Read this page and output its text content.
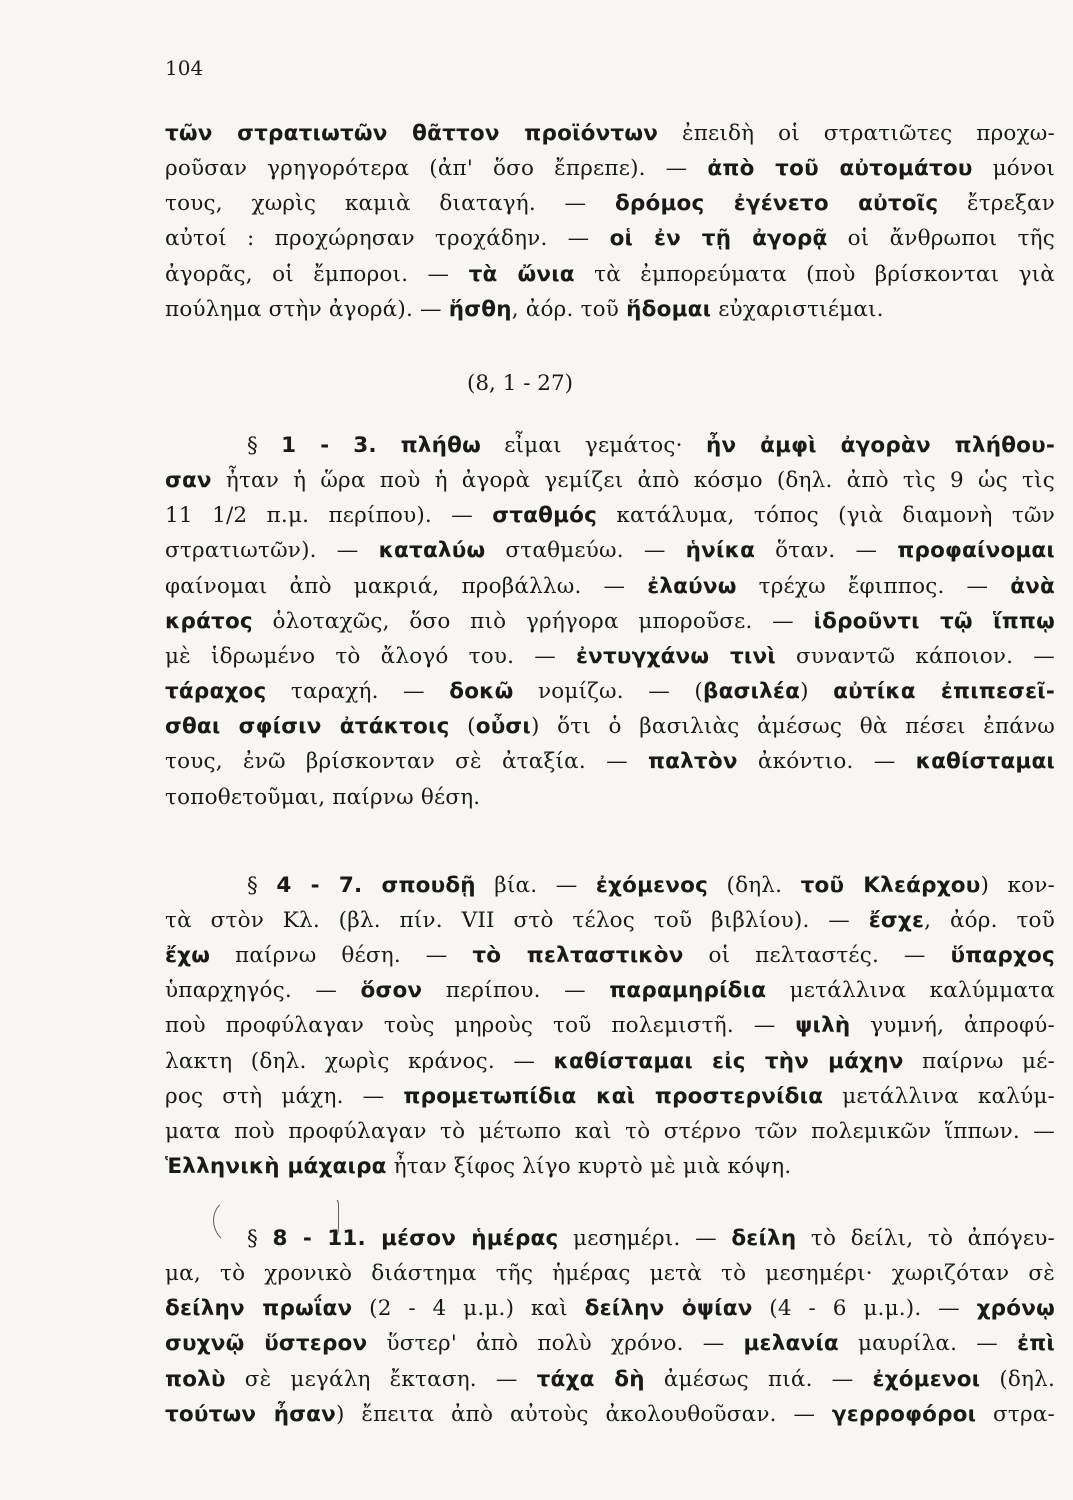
104
(8, 1 - 27)
τῶν στρατιωτῶν θᾶττον προϊόντων ἐπειδὴ οἱ στρατιῶτες προχω-
ροῦσαν γρηγορότερα (ἀπ' ὅσο ἔπρεπε). — ἀπὸ τοῦ αὐτομάτου μόνοι
τους, χωρὶς καμιὰ διαταγή. — δρόμος ἐγένετο αὐτοῖς ἔτρεξαν
αὐτοί : προχώρησαν τροχάδην. — οἱ ἐν τῇ ἀγορᾷ οἱ ἄνθρωποι τῆς
ἀγορᾶς, οἱ ἔμποροι. — τὰ ὤνια τὰ ἐμπορεύματα (ποὺ βρίσκονται γιὰ
πούλημα στὴν ἀγορά). — ἥσθη, ἀόρ. τοῦ ἥδομαι εὐχαριστιέμαι.
§ 1 - 3. πλήθω εἶμαι γεμάτος· ἦν ἀμφὶ ἀγορὰν πλήθου-
σαν ἦταν ἡ ὥρα ποὺ ἡ ἀγορὰ γεμίζει ἀπὸ κόσμο (δηλ. ἀπὸ τὶς 9 ὡς τὶς
11 1/2 π.μ. περίπου). — σταθμός κατάλυμα, τόπος (γιὰ διαμονὴ τῶν
στρατιωτῶν). — καταλύω σταθμεύω. — ἡνίκα ὅταν. — προφαίνομαι
φαίνομαι ἀπὸ μακριά, προβάλλω. — ἐλαύνω τρέχω ἔφιππος. — ἀνὰ
κράτος ὁλοταχῶς, ὅσο πιὸ γρήγορα μποροῦσε. — ἱδροῦντι τῷ ἵππῳ
μὲ ἱδρωμένο τὸ ἄλογό του. — ἐντυγχάνω τινὶ συναντῶ κάποιον. —
τάραχος ταραχή. — δοκῶ νομίζω. — (βασιλέα) αὐτίκα ἐπιπεσεῖ-
σθαι σφίσιν ἀτάκτοις (οὖσι) ὅτι ὁ βασιλιὰς ἀμέσως θὰ πέσει ἐπάνω
τους, ἐνῶ βρίσκονταν σὲ ἀταξία. — παλτὸν ἀκόντιο. — καθίσταμαι
τοποθετοῦμαι, παίρνω θέση.
§ 4 - 7. σπουδῇ βία. — ἐχόμενος (δηλ. τοῦ Κλεάρχου) κον-
τὰ στὸν Κλ. (βλ. πίν. VII στὸ τέλος τοῦ βιβλίου). — ἔσχε, ἀόρ. τοῦ
ἔχω παίρνω θέση. — τὸ πελταστικὸν οἱ πελταστές. — ὕπαρχος
ὑπαρχηγός. — ὅσον περίπου. — παραμηρίδια μετάλλινα καλύμματα
ποὺ προφύλαγαν τοὺς μηροὺς τοῦ πολεμιστῆ. — ψιλὴ γυμνή, ἀπροφύ-
λακτη (δηλ. χωρὶς κράνος. — καθίσταμαι εἰς τὴν μάχην παίρνω μέ-
ρος στὴ μάχη. — προμετωπίδια καὶ προστερνίδια μετάλλινα καλύμ-
ματα ποὺ προφύλαγαν τὸ μέτωπο καὶ τὸ στέρνο τῶν πολεμικῶν ἵππων. —
Ἑλληνικὴ μάχαιρα ἦταν ξίφος λίγο κυρτὸ μὲ μιὰ κόψη.
§ 8 - 11. μέσον ἡμέρας μεσημέρι. — δείλη τὸ δείλι, τὸ ἀπόγευ-
μα, τὸ χρονικὸ διάστημα τῆς ἡμέρας μετὰ τὸ μεσημέρι· χωριζόταν σὲ
δείλην πρωΐαν (2 - 4 μ.μ.) καὶ δείλην ὀψίαν (4 - 6 μ.μ.). — χρόνῳ
συχνῷ ὕστερον ὕστερ' ἀπὸ πολὺ χρόνο. — μελανία μαυρίλα. — ἐπὶ
πολὺ σὲ μεγάλη ἔκταση. — τάχα δὴ ἀμέσως πιά. — ἐχόμενοι (δηλ.
τούτων ἦσαν) ἔπειτα ἀπὸ αὐτοὺς ἀκολουθοῦσαν. — γερροφόροι στρα-
